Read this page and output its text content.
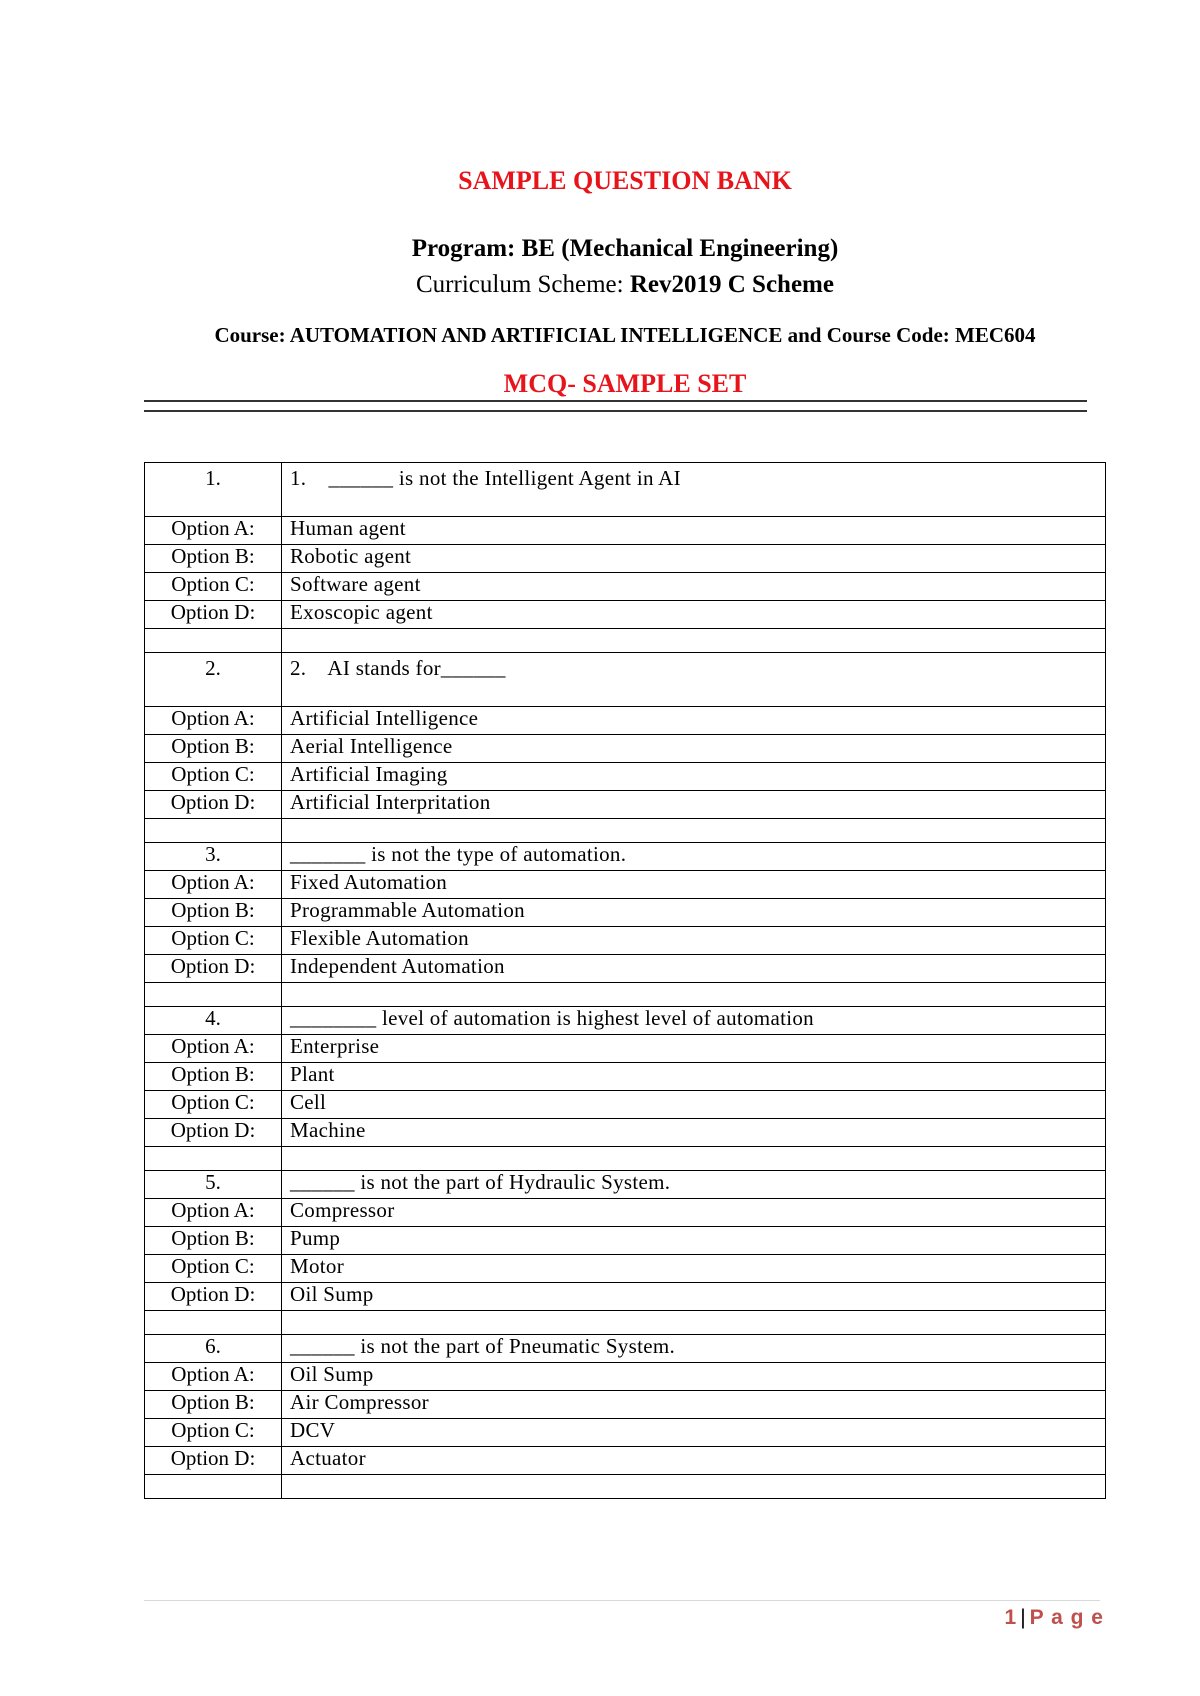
SAMPLE QUESTION BANK
Program: BE (Mechanical Engineering)
Curriculum Scheme: Rev2019 C Scheme
Course: AUTOMATION AND ARTIFICIAL INTELLIGENCE and Course Code: MEC604
MCQ- SAMPLE SET
1.	1.    ______ is not the Intelligent Agent in AI
Option A:	Human agent
Option B:	Robotic agent
Option C:	Software agent
Option D:	Exoscopic agent

2.	2.    AI stands for______
Option A:	Artificial Intelligence
Option B:	Aerial Intelligence
Option C:	Artificial Imaging
Option D:	Artificial Interpritation

3.	_______ is not the type of automation.
Option A:	Fixed Automation
Option B:	Programmable Automation
Option C:	Flexible Automation
Option D:	Independent Automation

4.	________ level of automation is highest level of automation
Option A:	Enterprise
Option B:	Plant
Option C:	Cell
Option D:	Machine

5.	______ is not the part of Hydraulic System.
Option A:	Compressor
Option B:	Pump
Option C:	Motor
Option D:	Oil Sump

6.	______ is not the part of Pneumatic System.
Option A:	Oil Sump
Option B:	Air Compressor
Option C:	DCV
Option D:	Actuator

1 | P a g e
